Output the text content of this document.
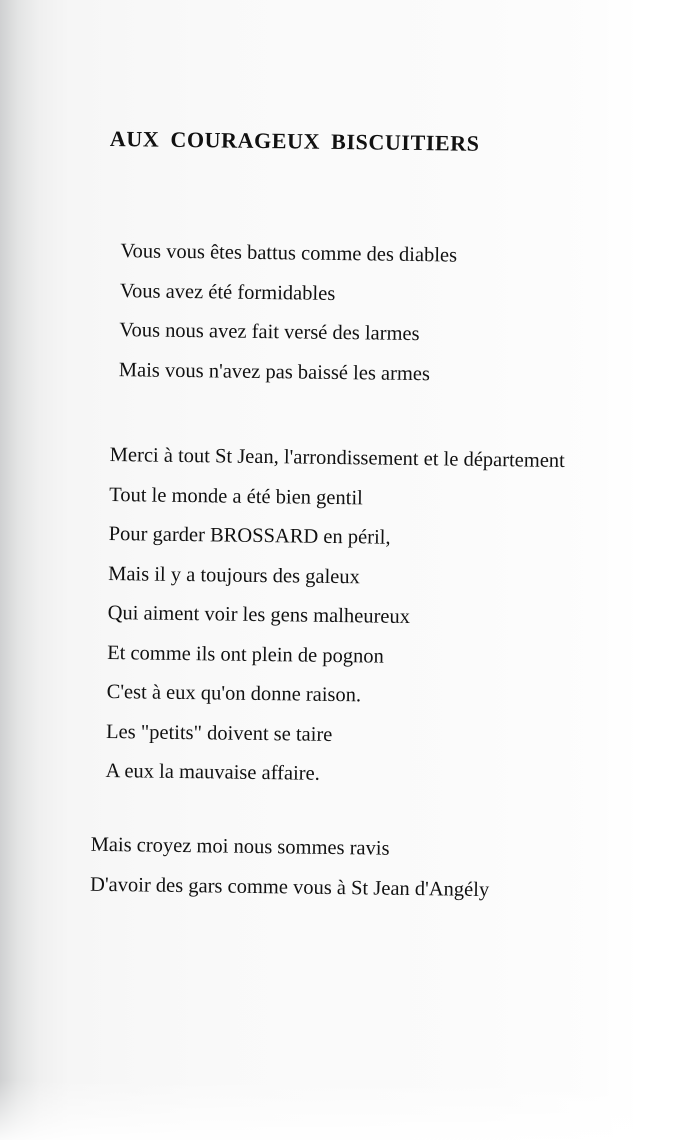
AUX COURAGEUX BISCUITIERS
Vous vous êtes battus comme des diables
Vous avez été formidables
Vous nous avez fait versé des larmes
Mais vous n'avez pas baissé les armes
Merci à tout St Jean, l'arrondissement et le département
Tout le monde a été bien gentil
Pour garder BROSSARD en péril,
Mais il y a toujours des galeux
Qui aiment voir les gens malheureux
Et comme ils ont plein de pognon
C'est à eux qu'on donne raison.
Les "petits" doivent se taire
A eux la mauvaise affaire.
Mais croyez moi nous sommes ravis
D'avoir des gars comme vous à St Jean d'Angély
